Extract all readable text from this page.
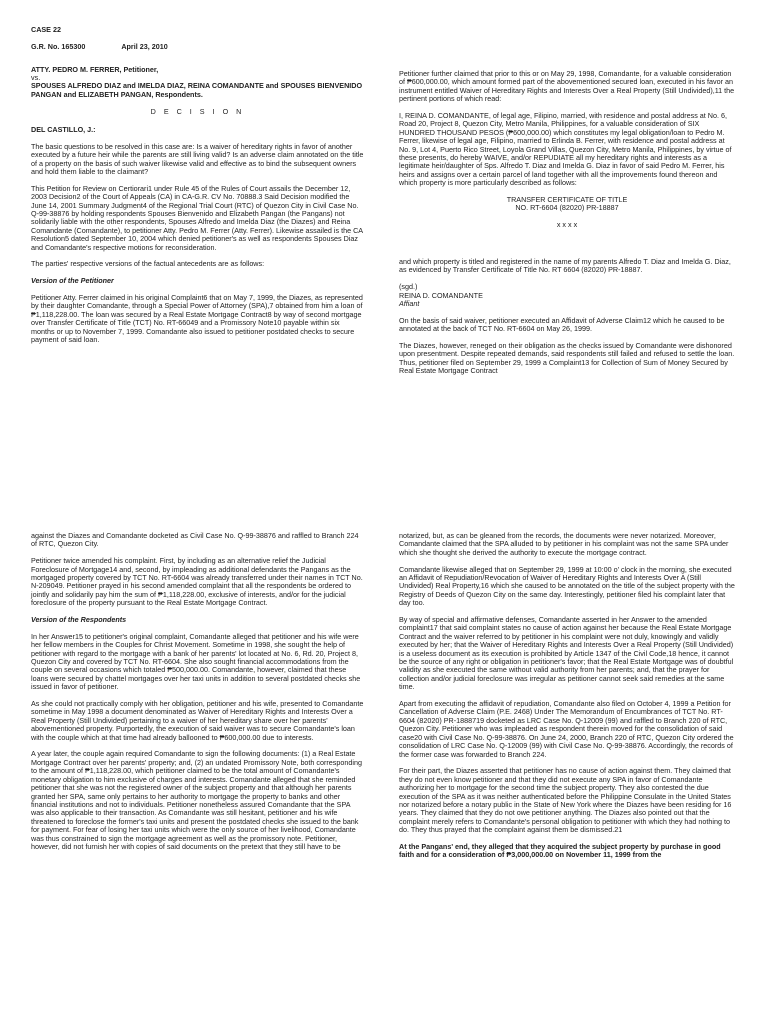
CASE 22

G.R. No. 165300	April 23, 2010

ATTY. PEDRO M. FERRER, Petitioner,
vs.

SPOUSES ALFREDO DIAZ and IMELDA DIAZ, REINA COMANDANTE and SPOUSES BIENVENIDO PANGAN and ELIZABETH PANGAN, Respondents.

D E C I S I O N

DEL CASTILLO, J.:

The basic questions to be resolved in this case are: Is a waiver of hereditary rights in favor of another executed by a future heir while the parents are still living valid? Is an adverse claim annotated on the title of a property on the basis of such waiver likewise valid and effective as to bind the subsequent owners and hold them liable to the claimant?

This Petition for Review on Certiorari1 under Rule 45 of the Rules of Court assails the December 12, 2003 Decision2 of the Court of Appeals (CA) in CA-G.R. CV No. 70888.3 Said Decision modified the June 14, 2001 Summary Judgment4 of the Regional Trial Court (RTC) of Quezon City in Civil Case No. Q-99-38876 by holding respondents Spouses Bienvenido and Elizabeth Pangan (the Pangans) not solidarily liable with the other respondents, Spouses Alfredo and Imelda Diaz (the Diazes) and Reina Comandante (Comandante), to petitioner Atty. Pedro M. Ferrer (Atty. Ferrer). Likewise assailed is the CA Resolution5 dated September 10, 2004 which denied petitioner's as well as respondents Spouses Diaz and Comandante's respective motions for reconsideration.

The parties' respective versions of the factual antecedents are as follows:

Version of the Petitioner

Petitioner Atty. Ferrer claimed in his original Complaint6 that on May 7, 1999, the Diazes, as represented by their daughter Comandante, through a Special Power of Attorney (SPA),7 obtained from him a loan of ₱1,118,228.00. The loan was secured by a Real Estate Mortgage Contract8 by way of second mortgage over Transfer Certificate of Title (TCT) No. RT-66049 and a Promissory Note10 payable within six months or up to November 7, 1999. Comandante also issued to petitioner postdated checks to secure payment of said loan.

Petitioner further claimed that prior to this or on May 29, 1998, Comandante, for a valuable consideration of ₱600,000.00, which amount formed part of the abovementioned secured loan, executed in his favor an instrument entitled Waiver of Hereditary Rights and Interests Over a Real Property (Still Undivided),11 the pertinent portions of which read:

I, REINA D. COMANDANTE, of legal age, Filipino, married, with residence and postal address at No. 6, Road 20, Project 8, Quezon City, Metro Manila, Philippines, for a valuable consideration of SIX HUNDRED THOUSAND PESOS (₱600,000.00) which constitutes my legal obligation/loan to Pedro M. Ferrer, likewise of legal age, Filipino, married to Erlinda B. Ferrer, with residence and postal address at No. 9, Lot 4, Puerto Rico Street, Loyola Grand Villas, Quezon City, Metro Manila, Philippines, by virtue of these presents, do hereby WAIVE, and/or REPUDIATE all my hereditary rights and interests as a legitimate heir/daughter of Sps. Alfredo T. Diaz and Imelda G. Diaz in favor of said Pedro M. Ferrer, his heirs and assigns over a certain parcel of land together with all the improvements found thereon and which property is more particularly described as follows:

TRANSFER CERTIFICATE OF TITLE

NO. RT-6604 (82020) PR-18887

x x x x

and which property is titled and registered in the name of my parents Alfredo T. Diaz and Imelda G. Diaz, as evidenced by Transfer Certificate of Title No. RT 6604 (82020) PR-18887.

(sgd.)
REINA D. COMANDANTE

Affiant

On the basis of said waiver, petitioner executed an Affidavit of Adverse Claim12 which he caused to be annotated at the back of TCT No. RT-6604 on May 26, 1999.

The Diazes, however, reneged on their obligation as the checks issued by Comandante were dishonored upon presentment. Despite repeated demands, said respondents still failed and refused to settle the loan. Thus, petitioner filed on September 29, 1999 a Complaint13 for Collection of Sum of Money Secured by Real Estate Mortgage Contract

against the Diazes and Comandante docketed as Civil Case No. Q-99-38876 and raffled to Branch 224 of RTC, Quezon City.

Petitioner twice amended his complaint. First, by including as an alternative relief the Judicial Foreclosure of Mortgage14 and, second, by impleading as additional defendants the Pangans as the mortgaged property covered by TCT No. RT-6604 was already transferred under their names in TCT No. N-209049. Petitioner prayed in his second amended complaint that all the respondents be ordered to jointly and solidarily pay him the sum of ₱1,118,228.00, exclusive of interests, and/or for the judicial foreclosure of the property pursuant to the Real Estate Mortgage Contract.

Version of the Respondents

In her Answer15 to petitioner's original complaint, Comandante alleged that petitioner and his wife were her fellow members in the Couples for Christ Movement. Sometime in 1998, she sought the help of petitioner with regard to the mortgage with a bank of her parents' lot located at No. 6, Rd. 20, Project 8, Quezon City and covered by TCT No. RT-6604. She also sought financial accommodations from the couple on several occasions which totaled ₱500,000.00. Comandante, however, claimed that these loans were secured by chattel mortgages over her taxi units in addition to several postdated checks she issued in favor of petitioner.

As she could not practically comply with her obligation, petitioner and his wife, presented to Comandante sometime in May 1998 a document denominated as Waiver of Hereditary Rights and Interests Over a Real Property (Still Undivided) pertaining to a waiver of her hereditary share over her parents' abovementioned property. Purportedly, the execution of said waiver was to secure Comandante's loan with the couple which at that time had already ballooned to ₱600,000.00 due to interests.

A year later, the couple again required Comandante to sign the following documents: (1) a Real Estate Mortgage Contract over her parents' property; and, (2) an undated Promissory Note, both corresponding to the amount of ₱1,118,228.00, which petitioner claimed to be the total amount of Comandante's monetary obligation to him exclusive of charges and interests. Comandante alleged that she reminded petitioner that she was not the registered owner of the subject property and that although her parents granted her SPA, same only pertains to her authority to mortgage the property to banks and other financial institutions and not to individuals. Petitioner nonetheless assured Comandante that the SPA was also applicable to their transaction. As Comandante was still hesitant, petitioner and his wife threatened to foreclose the former's taxi units and present the postdated checks she issued to the bank for payment. For fear of losing her taxi units which were the only source of her livelihood, Comandante was thus constrained to sign the mortgage agreement as well as the promissory note. Petitioner, however, did not furnish her with copies of said documents on the pretext that they still have to be

notarized, but, as can be gleaned from the records, the documents were never notarized. Moreover, Comandante claimed that the SPA alluded to by petitioner in his complaint was not the same SPA under which she thought she derived the authority to execute the mortgage contract.

Comandante likewise alleged that on September 29, 1999 at 10:00 o' clock in the morning, she executed an Affidavit of Repudiation/Revocation of Waiver of Hereditary Rights and Interests Over A (Still Undivided) Real Property,16 which she caused to be annotated on the title of the subject property with the Registry of Deeds of Quezon City on the same day. Interestingly, petitioner filed his complaint later that day too.

By way of special and affirmative defenses, Comandante asserted in her Answer to the amended complaint17 that said complaint states no cause of action against her because the Real Estate Mortgage Contract and the waiver referred to by petitioner in his complaint were not duly, knowingly and validly executed by her; that the Waiver of Hereditary Rights and Interests Over a Real Property (Still Undivided) is a useless document as its execution is prohibited by Article 1347 of the Civil Code,18 hence, it cannot be the source of any right or obligation in petitioner's favor; that the Real Estate Mortgage was of doubtful validity as she executed the same without valid authority from her parents; and, that the prayer for collection and/or judicial foreclosure was irregular as petitioner cannot seek said remedies at the same time.

Apart from executing the affidavit of repudiation, Comandante also filed on October 4, 1999 a Petition for Cancellation of Adverse Claim (P.E. 2468) Under The Memorandum of Encumbrances of TCT No. RT-6604 (82020) PR-1888719 docketed as LRC Case No. Q-12009 (99) and raffled to Branch 220 of RTC, Quezon City. Petitioner who was impleaded as respondent therein moved for the consolidation of said case20 with Civil Case No. Q-99-38876. On June 24, 2000, Branch 220 of RTC, Quezon City ordered the consolidation of LRC Case No. Q-12009 (99) with Civil Case No. Q-99-38876. Accordingly, the records of the former case was forwarded to Branch 224.

For their part, the Diazes asserted that petitioner has no cause of action against them. They claimed that they do not even know petitioner and that they did not execute any SPA in favor of Comandante authorizing her to mortgage for the second time the subject property. They also contested the due execution of the SPA as it was neither authenticated before the Philippine Consulate in the United States nor notarized before a notary public in the State of New York where the Diazes have been residing for 16 years. They claimed that they do not owe petitioner anything. The Diazes also pointed out that the complaint merely refers to Comandante's personal obligation to petitioner with which they had nothing to do. They thus prayed that the complaint against them be dismissed.21

At the Pangans' end, they alleged that they acquired the subject property by purchase in good faith and for a consideration of ₱3,000,000.00 on November 11, 1999 from the
